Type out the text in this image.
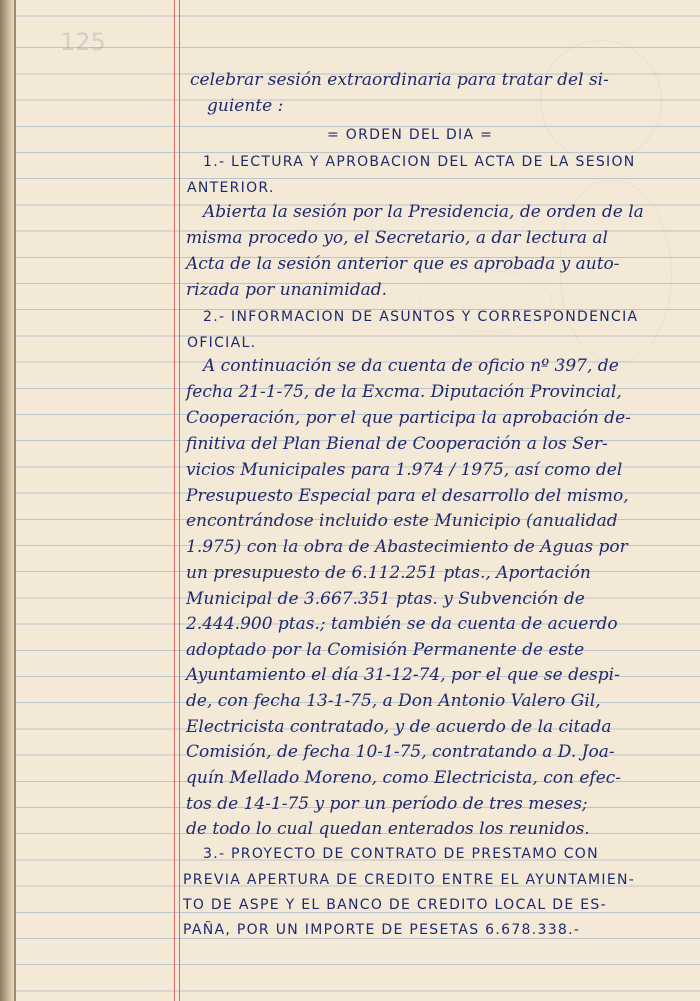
125
celebrar sesión extraordinaria para tratar del si-
guiente :
= ORDEN DEL DIA =
1.- LECTURA Y APROBACION DEL ACTA DE LA SESION
ANTERIOR.
Abierta la sesión por la Presidencia, de orden de la
misma procedo yo, el Secretario, a dar lectura al
Acta de la sesión anterior que es aprobada y auto-
rizada por unanimidad.
2.- INFORMACION DE ASUNTOS Y CORRESPONDENCIA
OFICIAL.
A continuación se da cuenta de oficio nº 397, de
fecha 21-1-75, de la Excma. Diputación Provincial,
Cooperación, por el que participa la aprobación de-
finitiva del Plan Bienal de Cooperación a los Ser-
vicios Municipales para 1.974 / 1975, así como del
Presupuesto Especial para el desarrollo del mismo,
encontrándose incluido este Municipio (anualidad
1.975) con la obra de Abastecimiento de Aguas por
un presupuesto de 6.112.251 ptas., Aportación
Municipal de 3.667.351 ptas. y Subvención de
2.444.900 ptas.; también se da cuenta de acuerdo
adoptado por la Comisión Permanente de este
Ayuntamiento el día 31-12-74, por el que se despi-
de, con fecha 13-1-75, a Don Antonio Valero Gil,
Electricista contratado, y de acuerdo de la citada
Comisión, de fecha 10-1-75, contratando a D. Joa-
quín Mellado Moreno, como Electricista, con efec-
tos de 14-1-75 y por un período de tres meses;
de todo lo cual quedan enterados los reunidos.
3.- PROYECTO DE CONTRATO DE PRESTAMO CON
PREVIA APERTURA DE CREDITO ENTRE EL AYUNTAMIEN-
TO DE ASPE Y EL BANCO DE CREDITO LOCAL DE ES-
PAÑA, POR UN IMPORTE DE PESETAS 6.678.338.-
